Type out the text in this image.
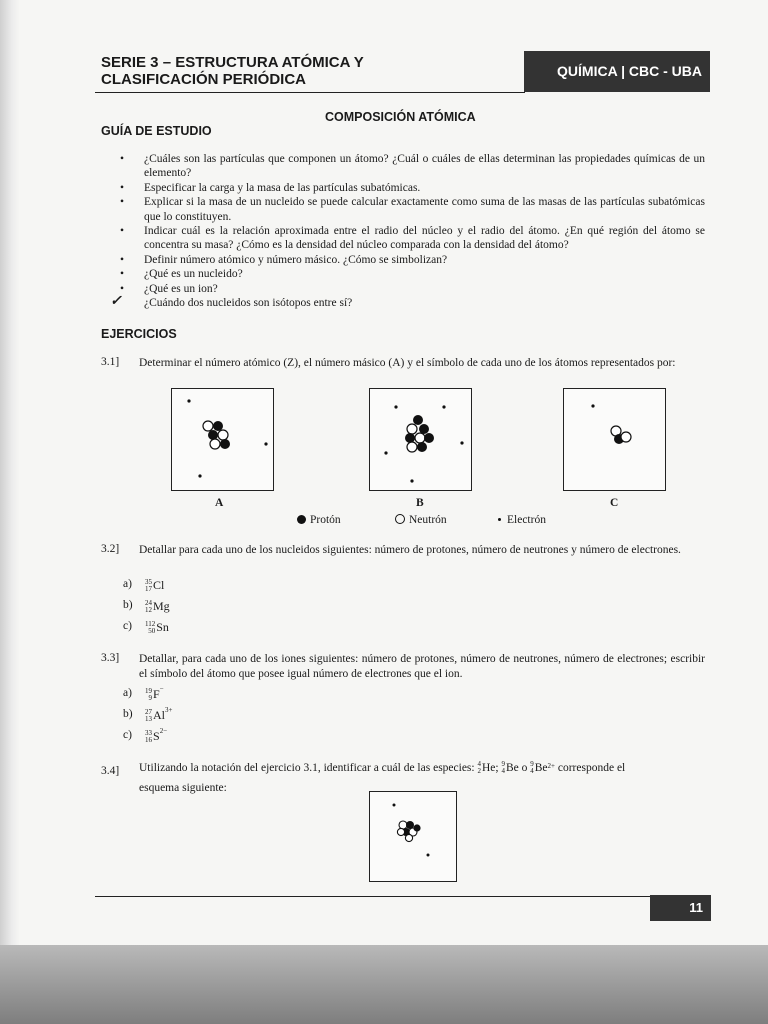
SERIE 3 – ESTRUCTURA ATÓMICA Y
CLASIFICACIÓN PERIÓDICA	QUÍMICA | CBC - UBA
COMPOSICIÓN ATÓMICA
GUÍA DE ESTUDIO
• ¿Cuáles son las partículas que componen un átomo? ¿Cuál o cuáles de ellas determinan las propiedades químicas de un elemento?
• Especificar la carga y la masa de las partículas subatómicas.
• Explicar si la masa de un nucleido se puede calcular exactamente como suma de las masas de las partículas subatómicas que lo constituyen.
• Indicar cuál es la relación aproximada entre el radio del núcleo y el radio del átomo. ¿En qué región del átomo se concentra su masa? ¿Cómo es la densidad del núcleo comparada con la densidad del átomo?
• Definir número atómico y número másico. ¿Cómo se simbolizan?
• ¿Qué es un nucleido?
• ¿Qué es un ion?
✓ ¿Cuándo dos nucleidos son isótopos entre sí?
EJERCICIOS
3.1] Determinar el número atómico (Z), el número másico (A) y el símbolo de cada uno de los átomos representados por:
A	B	C
Protón	Neutrón	Electrón
3.2] Detallar para cada uno de los nucleidos siguientes: número de protones, número de neutrones y número de electrones.
a) 35
17Cl
b) 24
12Mg
c) 112
50Sn
3.3] Detallar, para cada uno de los iones siguientes: número de protones, número de neutrones, número de electrones; escribir el símbolo del átomo que posee igual número de electrones que el ion.
a) 19
9F−
b) 27
$13Al^{3+}$
c) 33
$16S^{2-}$
3.4] Utilizando la notación del ejercicio 3.1, identificar a cuál de las especies: 4
2He; 9
4Be o 9
$4Be^{2+}$ corresponde el
esquema siguiente:
11
